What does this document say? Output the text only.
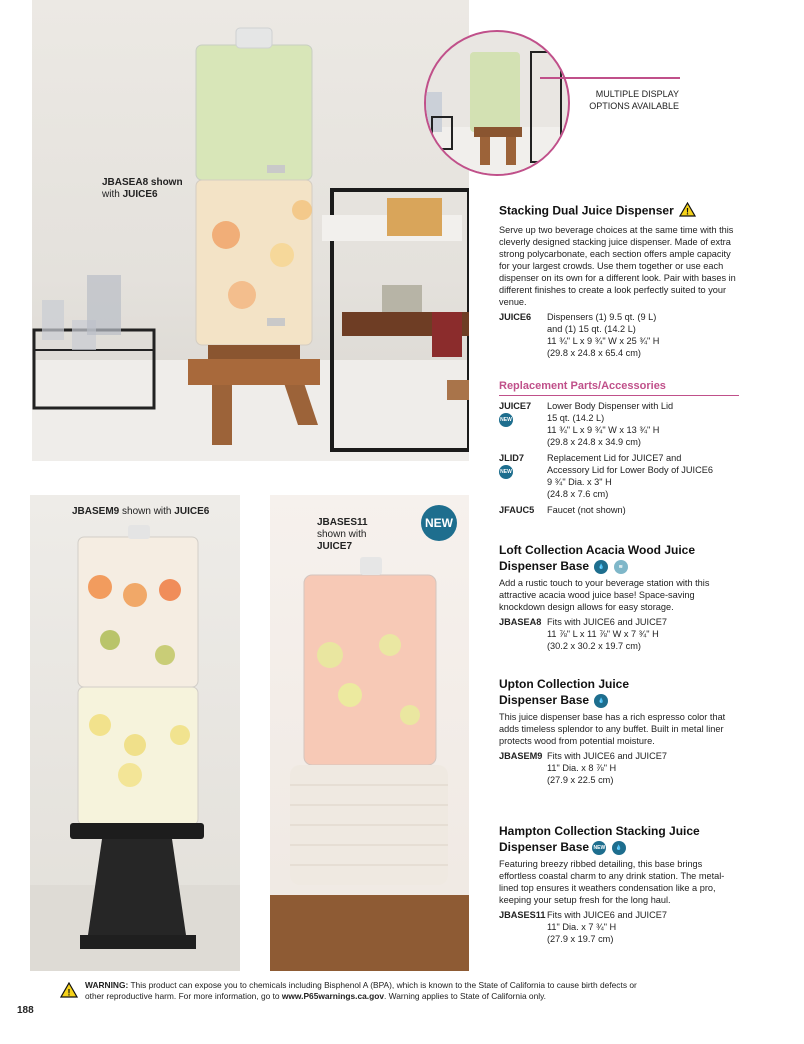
JBASEA8 shown
with JUICE6
MULTIPLE DISPLAY
OPTIONS AVAILABLE
Stacking Dual Juice Dispenser !
Serve up two beverage choices at the same time with this cleverly designed stacking juice dispenser. Made of extra strong polycarbonate, each section offers ample capacity for your largest crowds. Use them together or use each dispenser on its own for a different look. Pair with bases in different finishes to create a look perfectly suited to your venue.
JUICE6	Dispensers (1) 9.5 qt. (9 L)
and (1) 15 qt. (14.2 L)
11 ¾" L x 9 ¾" W x 25 ¾" H
(29.8 x 24.8 x 65.4 cm)
Replacement Parts/Accessories
JUICE7
NEW
Lower Body Dispenser with Lid
15 qt. (14.2 L)
11 ¾" L x 9 ¾" W x 13 ¾" H
(29.8 x 24.8 x 34.9 cm)
JLID7
NEW
Replacement Lid for JUICE7 and
Accessory Lid for Lower Body of JUICE6
9 ¾" Dia. x 3" H
(24.8 x 7.6 cm)
JFAUC5	Faucet (not shown)
Loft Collection Acacia Wood Juice
Dispenser Base 💧	≋
Add a rustic touch to your beverage station with this attractive acacia wood juice base! Space-saving knockdown design allows for easy storage.
JBASEA8 Fits with JUICE6 and JUICE7
11 ⅞" L x 11 ⅞" W x 7 ¾" H
(30.2 x 30.2 x 19.7 cm)
Upton Collection Juice
Dispenser Base 💧
This juice dispenser base has a rich espresso color that adds timeless splendor to any buffet. Built in metal liner protects wood from potential moisture.
JBASEM9 Fits with JUICE6 and JUICE7
11" Dia. x 8 ⅞" H
(27.9 x 22.5 cm)
Hampton Collection Stacking Juice
Dispenser Base NEW 💧
Featuring breezy ribbed detailing, this base brings effortless coastal charm to any drink station. The metal-lined top ensures it weathers condensation like a pro, keeping your setup fresh for the long haul.
JBASES11 Fits with JUICE6 and JUICE7
11" Dia. x 7 ¾" H
(27.9 x 19.7 cm)
JBASEM9 shown with JUICE6
JBASES11
shown with
JUICE7
NEW
!
WARNING: This product can expose you to chemicals including Bisphenol A (BPA), which is known to the State of California to cause birth defects or
other reproductive harm. For more information, go to www.P65warnings.ca.gov. Warning applies to State of California only.
188
